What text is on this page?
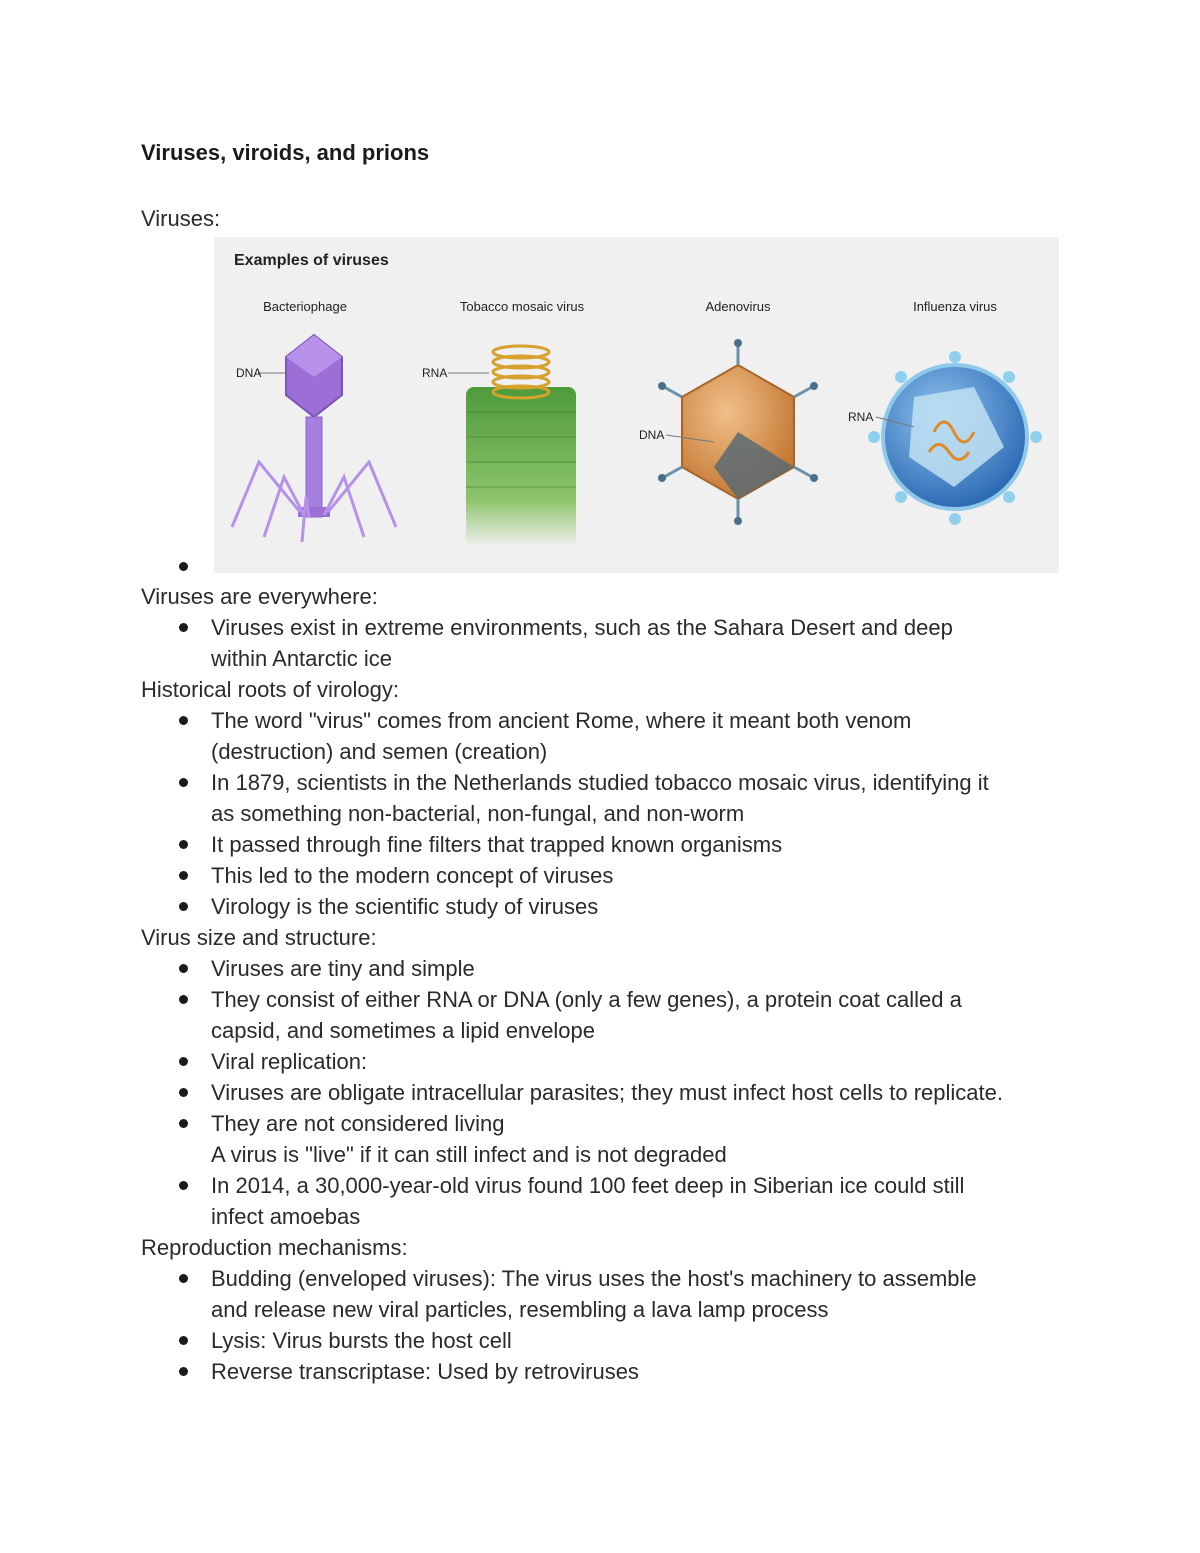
Viruses, viroids, and prions
Viruses:
Examples of viruses
Bacteriophage	Tobacco mosaic virus	Adenovirus	Influenza virus
DNA	RNA
DNA
RNA
Viruses are everywhere:
Viruses exist in extreme environments, such as the Sahara Desert and deep
within Antarctic ice
Historical roots of virology:
The word "virus" comes from ancient Rome, where it meant both venom
(destruction) and semen (creation)
In 1879, scientists in the Netherlands studied tobacco mosaic virus, identifying it
as something non-bacterial, non-fungal, and non-worm
It passed through fine filters that trapped known organisms
This led to the modern concept of viruses
Virology is the scientific study of viruses
Virus size and structure:
Viruses are tiny and simple
They consist of either RNA or DNA (only a few genes), a protein coat called a
capsid, and sometimes a lipid envelope
Viral replication:
Viruses are obligate intracellular parasites; they must infect host cells to replicate.
They are not considered living
A virus is "live" if it can still infect and is not degraded
In 2014, a 30,000-year-old virus found 100 feet deep in Siberian ice could still
infect amoebas
Reproduction mechanisms:
Budding (enveloped viruses): The virus uses the host's machinery to assemble
and release new viral particles, resembling a lava lamp process
Lysis: Virus bursts the host cell
Reverse transcriptase: Used by retroviruses
